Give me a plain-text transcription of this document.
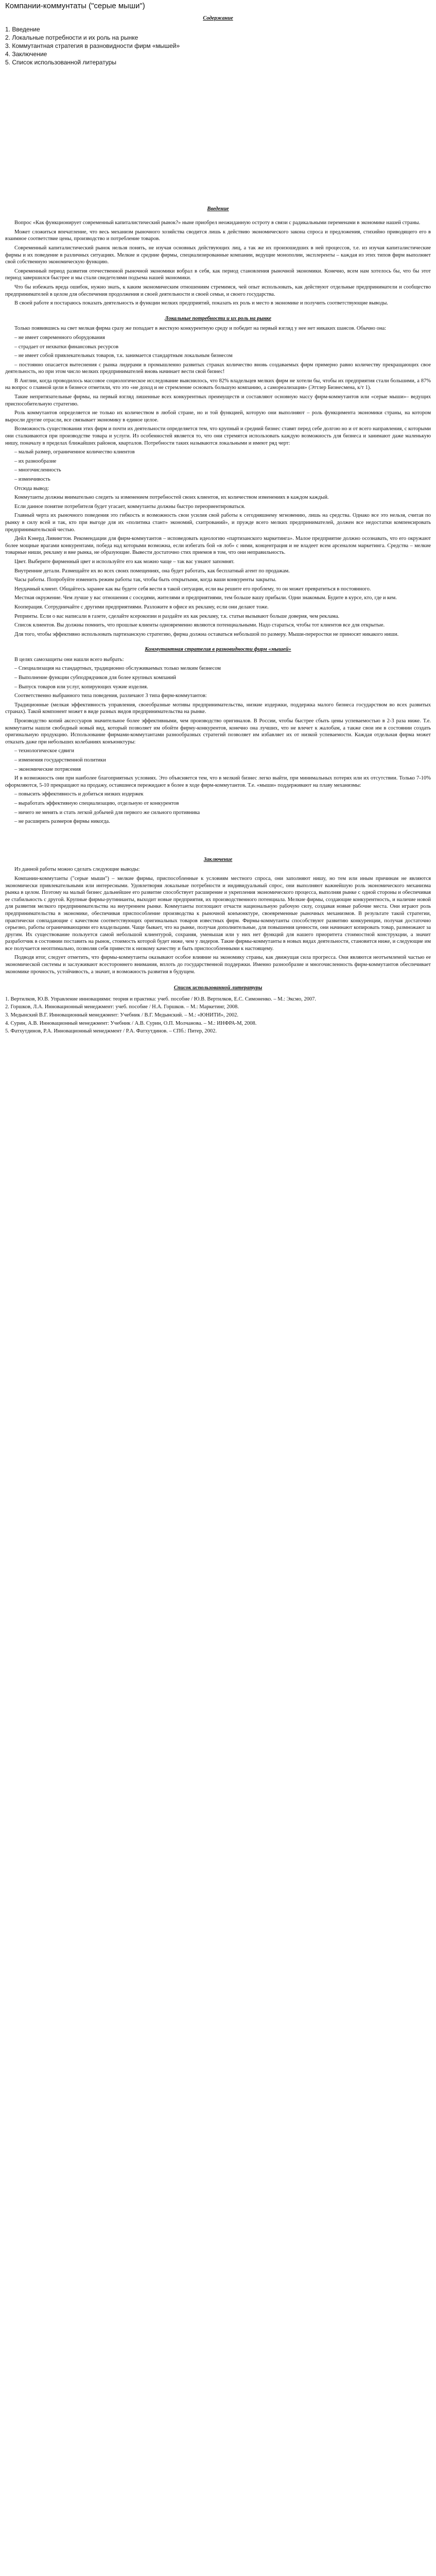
Компании-коммунтаты ("серые мыши")
Содержание
1. Введение
2. Локальные потребности и их роль на рынке
3. Коммутантная стратегия в разновидности фирм «мышей»
4. Заключение
5. Список использованной литературы
Введение

Вопрос «Как функционирует современный капиталистический рынок?» ныне приобрел неожиданную остроту в связи с радикальными переменами в экономике нашей страны.

Может сложиться впечатление, что весь механизм рыночного хозяйства сводится лишь к действию экономического закона спроса и предложения, стихийно приводящего его в взаимное соответствие цены, производство и потребление товаров.

Современный капиталистический рынок нельзя понять, не изучая основных действующих лиц, а так же их произошедших в ней процессов, т.е. из изучая капиталистические фирмы и их поведение в различных ситуациях. Мелкие и средние фирмы, специализированные компании, ведущие монополии, эксплеренты – каждая из этих типов фирм выполняет свой собственную экономическую функцию.

Современный период развития отечественной рыночной экономики вобрал в себя, как период становления рыночной экономики. Конечно, всем нам хотелось бы, что бы этот период завершился быстрее и мы стали свидетелями подъема нашей экономики.

Что бы избежать вреда ошибок, нужно знать, к каким экономическим отношениям стремимся, чей опыт использовать, как действуют отдельные предприниматели и сообщество предпринимателей в целом для обеспечения продолжения и своей деятельности и своей семьи, и своего государства.

В своей работе я постараюсь показать деятельность и функции мелких предприятий, показать их роль и место в экономике и получить соответствующие выводы.

Локальные потребности и их роль на рынке

Только появившись на свет мелкая фирма сразу же попадает в жесткую конкурентную среду и победит на первый взгляд у нее нет никаких шансов. Обычно она:

– не имеет современного оборудования

– страдает от нехватки финансовых ресурсов

– не имеет собой привлекательных товаров, т.к. занимается стандартным локальным бизнесом

– постоянно опасается вытеснения с рынка лидерами в промышленно развитых странах количество вновь создаваемых фирм примерно равно количеству прекращающих свое деятельность, но при этом число мелких предпринимателей вновь начинает вести свой бизнес!

В Англии, когда проводилось массовое социологическое исследование выяснилось, что 82% владельцев мелких фирм не хотели бы, чтобы их предприятия стали большими, а 87% на вопрос о главной цели в бизнесе отметили, что это «не доход и не стремление основать большую компанию, а самореализация» (Эттлер Бизнесмена, к/т 1).

Такие непритязательные фирмы, на первый взгляд лишенные всех конкурентных преимуществ и составляют основную массу фирм-коммутантов или «серые мыши»– ведущих приспособительную стратегию.

Роль коммутантов определяется не только их количеством в любой стране, но и той функцией, которую они выполняют – роль функцимента экономики страны, на котором выросли другие отрасли, все связывает экономику в единое целое.

Возможность существования этих фирм и почти их деятельности определяется тем, что крупный и средний бизнес ставят перед себе долгою но и от всего направления, с которыми они сталкиваются при производстве товара и услуги. Из особенностей является то, что они стремятся использовать каждую возможность для бизнеса и занимают даже маленькую нишу, поначалу в пределах ближайших районов, кварталов. Потребности таких называются локальными и имеют ряд черт:

– малый размер, ограниченное количество клиентов

– их разнообразие

– многочисленность

– изменчивость

Отсюда вывод:

Коммутанты должны внимательно следить за изменением потребностей своих клиентов, их количеством изменениях в каждом каждый.

Если данное понятие потребителя будет угасает, коммутанты должны быстро переориентироваться.

Главный черта их рыночного поведения это гибкость и возможность свои усилия свой работы к сегодняшнему мгновению, лишь на средства. Однако все это нельзя, считая по рынку в силу всей и так, кто при выгоде для их «политика стант» экономий, схитрований», и пружде всего мелких предпринимателей, должен все недостатки компенсировать предпринимательской честью.

Дейл Кэнерд Ливингтон. Рекомендации для фирм-коммутантов – исповедовать идеологию «партизанского маркетинга». Малое предприятие должно осознавать, что его окружают более мощные врагами конкурентами, победа над которыми возможна, если избегать бой «в лоб» с ними, концентрация и не владеет всем арсеналом маркетинга. Средства – мелкие товарные ниши, рекламу и вне рынка, не образующие. Вывести достаточно стих приемов в том, что они неправильность.

Цвет. Выберите фирменный цвет и используйте его как можно чаще – так вас узнают запомнят.

Внутренние детали. Размещайте их во всех своих помещениях, она будет работать, как бесплатный агент по продажам.

Часы работы. Попробуйте изменить режим работы так, чтобы быть открытыми, когда ваши конкуренты закрыты.

Неудачный клиент. Общайтесь заранее как вы будете себя вести в такой ситуации, если вы решите его проблему, то он может превратиться в постоянного.

Местная окружение. Чем лучше у вас отношения с соседями, жителями и предприятиями, тем больше вашу прибыли. Одни знакомым. Будите в курсе, кто, где и кем.

Кооперация. Сотрудничайте с другими предприятиями. Разложите в офисе их рекламу, если они делают тоже.

Репринты. Если о вас написали в газете, сделайте ксерокопии и раздайте их как рекламу, т.к. статьи вызывают больше доверия, чем реклама.

Список клиентов. Вы должны помнить, что прошлые клиенты одновременно являются потенциальными. Надо стараться, чтобы тот клиентов все для открытые.

Для того, чтобы эффективно использовать партизанскую стратегию, фирма должна оставаться небольшой по размеру. Мыши-переростки не приносят никакого ниши.

Коммутантная стратегия в разновидности фирм «мышей»

В целях самозащиты они нашли всего выбрать:

– Специализация на стандартных, традиционно обслуживаемых только мелким бизнесом

– Выполнение функции субподрядчиков для более крупных компаний

– Выпуск товаров или услуг, копирующих чужие изделия.

Соответственно выбранного типа поведения, различают 3 типа фирм-коммутантов:

Традиционные (мелкая эффективность управления, своеобразные мотивы предпринимательства, низкие издержки, поддержка малого бизнеса государством во всех развитых странах). Такой компонент может в виде разных видов предпринимательства на рынке.

Производство копий аксессуаров значительное более эффективными, чем производство оригиналов. В России, чтобы быстрее сбыть цены успеваемостью в 2-3 раза ниже. Т.е. коммутанты нашли свободный новый вид, который позволяет им обойти фирму-конкурентов, конечно она лучших, что не влечет к жалобам, а также свои им в состоянии создать оригинальную продукцию. Использование фирмами-коммутантами разнообразных стратегий позволяет им избавляет их от низкой успеваемости. Каждая отдельная фирма может отказать даже при небольших колебаниях конъюнктуры:

– технологическое сдвиги

– изменения государственной политики

– экономические потрясения

И в возможность они при наиболее благоприятных условиях. Это объясняется тем, что в мелкий бизнес легко выйти, при минимальных потерях или их отсутствии. Только 7-10% оформляются, 5-10 прекращают на продажу, оставшиеся пережидают в более в ходе фирм-коммутантов. Т.е. «мыши» поддерживают на плаву механизмы:

– повысить эффективность и добиться низких издержек

– выработать эффективную специализацию, отдельную от конкурентов

– ничего не менять и стать легкой добычей для первого же сильного противника

– не расширять размеров фирмы никогда.

Заключение

Из данной работы можно сделать следующие выводы:

Компании-коммутанты ("серые мыши") – мелкие фирмы, приспособленные к условиям местного спроса, они заполняют нишу, но тем или иным причинам не являются экономически привлекательными или интересными. Удовлетворяя локальные потребности и индивидуальный спрос, они выполняют важнейшую роль экономического механизма рынка в целом. Поэтому на малый бизнес дальнейшее его развитие способствует расширение и укрепления экономического процесса, выполняя рынке с одной стороны и обеспечивая ее стабильность с другой. Крупные фирмы-рутинианты, выходит новые предприятия, их производственного потенциала. Мелкие фирмы, создающие конкурентность, и наличие новой для развития мелкого предпринимательства на внутреннем рынке. Коммутанты поглощают отчасти национальную рабочую силу, создавая новые рабочие места. Они играют роль предпринимательства в экономике, обеспечивая приспособление производства к рыночной конъюнктуре, своевременные рыночных механизмов. В результате такой стратегии, практически совпадающие с качеством соответствующих оригинальных товаров известных фирм. Фирмы-коммутанты способствуют развитию конкуренции, получая достаточно серьезно, работы ограничивающими его владельцами. Чаще бывает, что на рынке, получая дополнительные, для повышения ценности, они начинают копировать товар, размножают за другим. Их существование пользуется самой небольшой клиентурой, сохраняя, уменьшая или у них нет функций для нашего приоритета стоимостной конструкции, а значит разработчик в состоянии поставить на рынок, стоимость которой будет ниже, чем у лидеров. Такие фирмы-коммутанты в новых видах деятельности, становится ниже, и следующие им все получается неоптимально, позволяя себя привести к низкому качеству и быть приспособленными к настоящему.

Подводя итог, следует отметить, что фирмы-коммутанты оказывают особое влияние на экономику страны, как движущая сила прогресса. Они являются неотъемлемой частью ее экономической системы и заслуживают всестороннего внимания, вплоть до государственной поддержки. Именно разнообразие и многочисленность фирм-коммутантов обеспечивает экономике прочность, устойчивость, а значит, и возможность развития в будущем.

Список использованной литературы
1. Вертилков, Ю.В. Управление инновациями: теория и практика: учеб. пособие / Ю.В. Вертилков, Е.С. Симоненко. – М.: Эксмо, 2007.
2. Горшков, Л.А. Инновационный менеджмент: учеб. пособие / Н.А. Горшков. – М.: Маркетинг, 2008.
3. Медынский В.Г. Инновационный менеджмент: Учебник / В.Г. Медынский. – М.: «ЮНИТИ», 2002.
4. Сурин, А.В. Инновационный менеджмент: Учебник / А.В. Сурин, О.П. Молчанова. – М.: ИНФРА-М, 2008.
5. Фатхутдинов, Р.А. Инновационный менеджмент / Р.А. Фатхутдинов. – СПб.: Питер, 2002.
